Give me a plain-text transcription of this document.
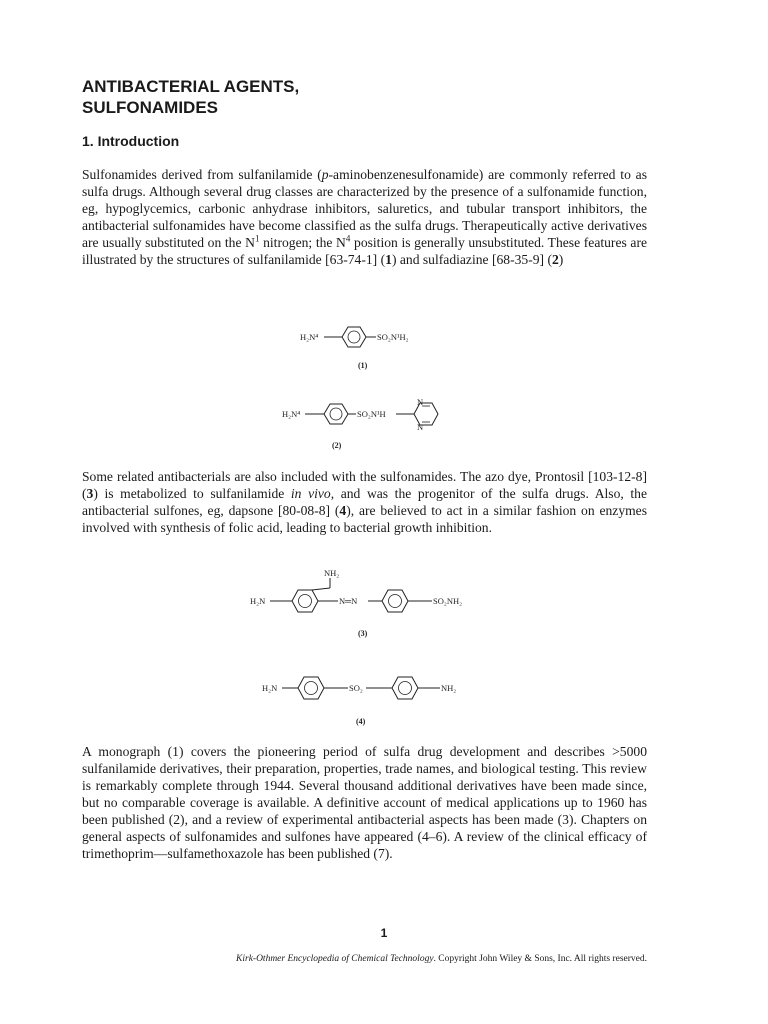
ANTIBACTERIAL AGENTS,
SULFONAMIDES
1. Introduction

Sulfonamides derived from sulfanilamide (p-aminobenzenesulfonamide) are commonly referred to as sulfa drugs. Although several drug classes are characterized by the presence of a sulfonamide function, eg, hypoglycemics, carbonic anhydrase inhibitors, saluretics, and tubular transport inhibitors, the antibacterial sulfonamides have become classified as the sulfa drugs. Therapeutically active derivatives are usually substituted on the $N^1$ nitrogen; the $N^4$ position is generally unsubstituted. These features are illustrated by the structures of sulfanilamide [63-74-1] (1) and sulfadiazine [68-35-9] (2)

H₂N⁴	SO₂N¹H₂
(1)
H₂N⁴	SO₂N¹H
N
N
(2)

Some related antibacterials are also included with the sulfonamides. The azo dye, Prontosil [103-12-8] (3) is metabolized to sulfanilamide in vivo, and was the progenitor of the sulfa drugs. Also, the antibacterial sulfones, eg, dapsone [80-08-8] (4), are believed to act in a similar fashion on enzymes involved with synthesis of folic acid, leading to bacterial growth inhibition.

NH₂
H₂N	N═N	SO₂NH₂
(3)
H₂N	SO₂	NH₂
(4)

A monograph (1) covers the pioneering period of sulfa drug development and describes >5000 sulfanilamide derivatives, their preparation, properties, trade names, and biological testing. This review is remarkably complete through 1944. Several thousand additional derivatives have been made since, but no comparable coverage is available. A definitive account of medical applications up to 1960 has been published (2), and a review of experimental antibacterial aspects has been made (3). Chapters on general aspects of sulfonamides and sulfones have appeared (4–6). A review of the clinical efficacy of trimethoprim—sulfamethoxazole has been published (7).

1
Kirk-Othmer Encyclopedia of Chemical Technology. Copyright John Wiley & Sons, Inc. All rights reserved.
